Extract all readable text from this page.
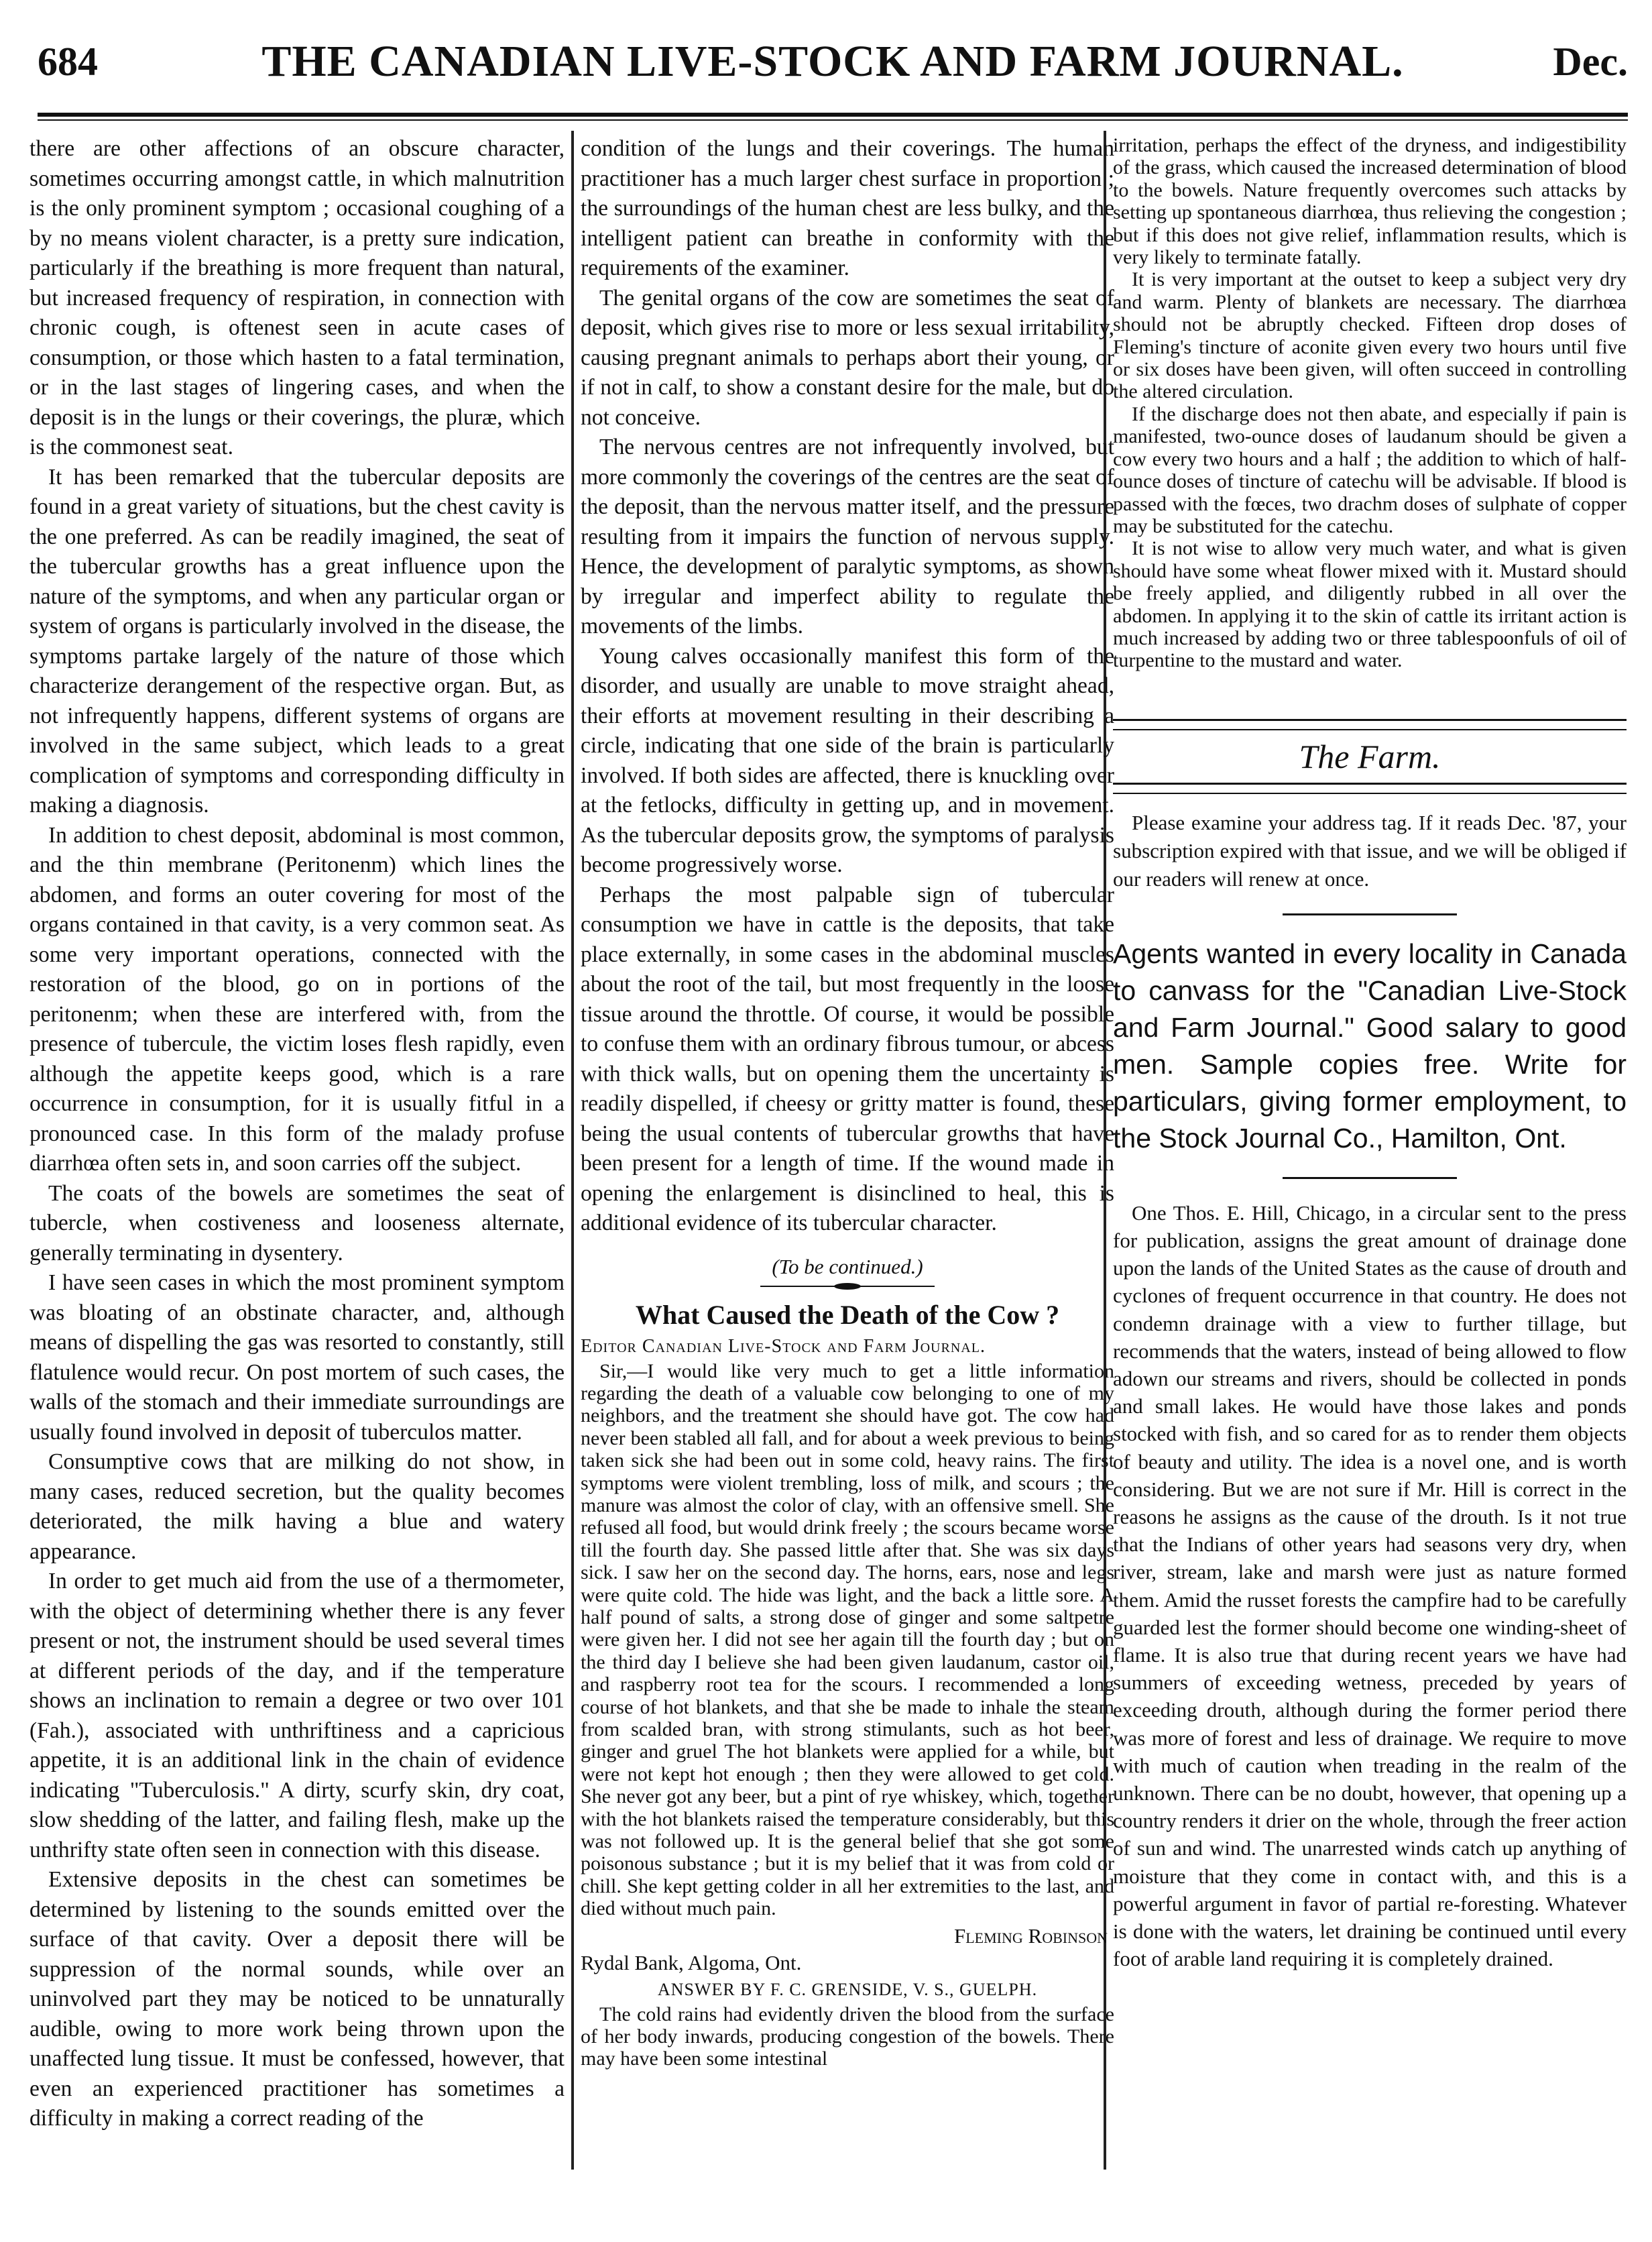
684	THE CANADIAN LIVE-STOCK AND FARM JOURNAL.	Dec.

there are other affections of an obscure character, sometimes occurring amongst cattle, in which malnutrition is the only prominent symptom ; occasional coughing of a by no means violent character, is a pretty sure indication, particularly if the breathing is more frequent than natural, but increased frequency of respiration, in connection with chronic cough, is oftenest seen in acute cases of consumption, or those which hasten to a fatal termination, or in the last stages of lingering cases, and when the deposit is in the lungs or their coverings, the pluræ, which is the commonest seat.

It has been remarked that the tubercular deposits are found in a great variety of situations, but the chest cavity is the one preferred. As can be readily imagined, the seat of the tubercular growths has a great influence upon the nature of the symptoms, and when any particular organ or system of organs is particularly involved in the disease, the symptoms partake largely of the nature of those which characterize derangement of the respective organ. But, as not infrequently happens, different systems of organs are involved in the same subject, which leads to a great complication of symptoms and corresponding difficulty in making a diagnosis.

In addition to chest deposit, abdominal is most common, and the thin membrane (Peritonenm) which lines the abdomen, and forms an outer covering for most of the organs contained in that cavity, is a very common seat. As some very important operations, connected with the restoration of the blood, go on in portions of the peritonenm; when these are interfered with, from the presence of tubercule, the victim loses flesh rapidly, even although the appetite keeps good, which is a rare occurrence in consumption, for it is usually fitful in a pronounced case. In this form of the malady profuse diarrhœa often sets in, and soon carries off the subject.

The coats of the bowels are sometimes the seat of tubercle, when costiveness and looseness alternate, generally terminating in dysentery.

I have seen cases in which the most prominent symptom was bloating of an obstinate character, and, although means of dispelling the gas was resorted to constantly, still flatulence would recur. On post mortem of such cases, the walls of the stomach and their immediate surroundings are usually found involved in deposit of tuberculos matter.

Consumptive cows that are milking do not show, in many cases, reduced secretion, but the quality becomes deteriorated, the milk having a blue and watery appearance.

In order to get much aid from the use of a thermometer, with the object of determining whether there is any fever present or not, the instrument should be used several times at different periods of the day, and if the temperature shows an inclination to remain a degree or two over 101 (Fah.), associated with unthriftiness and a capricious appetite, it is an additional link in the chain of evidence indicating "Tuberculosis." A dirty, scurfy skin, dry coat, slow shedding of the latter, and failing flesh, make up the unthrifty state often seen in connection with this disease.

Extensive deposits in the chest can sometimes be determined by listening to the sounds emitted over the surface of that cavity. Over a deposit there will be suppression of the normal sounds, while over an uninvolved part they may be noticed to be unnaturally audible, owing to more work being thrown upon the unaffected lung tissue. It must be confessed, however, that even an experienced practitioner has sometimes a difficulty in making a correct reading of the

condition of the lungs and their coverings. The human practitioner has a much larger chest surface in proportion ; the surroundings of the human chest are less bulky, and the intelligent patient can breathe in conformity with the requirements of the examiner.

The genital organs of the cow are sometimes the seat of deposit, which gives rise to more or less sexual irritability, causing pregnant animals to perhaps abort their young, or if not in calf, to show a constant desire for the male, but do not conceive.

The nervous centres are not infrequently involved, but more commonly the coverings of the centres are the seat of the deposit, than the nervous matter itself, and the pressure resulting from it impairs the function of nervous supply. Hence, the development of paralytic symptoms, as shown by irregular and imperfect ability to regulate the movements of the limbs.

Young calves occasionally manifest this form of the disorder, and usually are unable to move straight ahead, their efforts at movement resulting in their describing a circle, indicating that one side of the brain is particularly involved. If both sides are affected, there is knuckling over at the fetlocks, difficulty in getting up, and in movement. As the tubercular deposits grow, the symptoms of paralysis become progressively worse.

Perhaps the most palpable sign of tubercular consumption we have in cattle is the deposits, that take place externally, in some cases in the abdominal muscles about the root of the tail, but most frequently in the loose tissue around the throttle. Of course, it would be possible to confuse them with an ordinary fibrous tumour, or abcess with thick walls, but on opening them the uncertainty is readily dispelled, if cheesy or gritty matter is found, these being the usual contents of tubercular growths that have been present for a length of time. If the wound made in opening the enlargement is disinclined to heal, this is additional evidence of its tubercular character.

(To be continued.)
What Caused the Death of the Cow ?
Editor Canadian Live-Stock and Farm Journal.

Sir,—I would like very much to get a little information regarding the death of a valuable cow belonging to one of my neighbors, and the treatment she should have got. The cow had never been stabled all fall, and for about a week previous to being taken sick she had been out in some cold, heavy rains. The first symptoms were violent trembling, loss of milk, and scours ; the manure was almost the color of clay, with an offensive smell. She refused all food, but would drink freely ; the scours became worse till the fourth day. She passed little after that. She was six days sick. I saw her on the second day. The horns, ears, nose and legs were quite cold. The hide was light, and the back a little sore. A half pound of salts, a strong dose of ginger and some saltpetre were given her. I did not see her again till the fourth day ; but on the third day I believe she had been given laudanum, castor oil, and raspberry root tea for the scours. I recommended a long course of hot blankets, and that she be made to inhale the steam from scalded bran, with strong stimulants, such as hot beer, ginger and gruel The hot blankets were applied for a while, but were not kept hot enough ; then they were allowed to get cold. She never got any beer, but a pint of rye whiskey, which, together with the hot blankets raised the temperature considerably, but this was not followed up. It is the general belief that she got some poisonous substance ; but it is my belief that it was from cold or chill. She kept getting colder in all her extremities to the last, and died without much pain.

Fleming Robinson
Rydal Bank, Algoma, Ont.
ANSWER BY F. C. GRENSIDE, V. S., GUELPH.

The cold rains had evidently driven the blood from the surface of her body inwards, producing congestion of the bowels. There may have been some intestinal

irritation, perhaps the effect of the dryness, and indigestibility of the grass, which caused the increased determination of blood to the bowels. Nature frequently overcomes such attacks by setting up spontaneous diarrhœa, thus relieving the congestion ; but if this does not give relief, inflammation results, which is very likely to terminate fatally.

It is very important at the outset to keep a subject very dry and warm. Plenty of blankets are necessary. The diarrhœa should not be abruptly checked. Fifteen drop doses of Fleming's tincture of aconite given every two hours until five or six doses have been given, will often succeed in controlling the altered circulation.

If the discharge does not then abate, and especially if pain is manifested, two-ounce doses of laudanum should be given a cow every two hours and a half ; the addition to which of half-ounce doses of tincture of catechu will be advisable. If blood is passed with the fœces, two drachm doses of sulphate of copper may be substituted for the catechu.

It is not wise to allow very much water, and what is given should have some wheat flower mixed with it. Mustard should be freely applied, and diligently rubbed in all over the abdomen. In applying it to the skin of cattle its irritant action is much increased by adding two or three tablespoonfuls of oil of turpentine to the mustard and water.

The Farm.

Please examine your address tag. If it reads Dec. '87, your subscription expired with that issue, and we will be obliged if our readers will renew at once.

Agents wanted in every locality in Canada to canvass for the "Canadian Live-Stock and Farm Journal." Good salary to good men. Sample copies free. Write for particulars, giving former employment, to the Stock Journal Co., Hamilton, Ont.

One Thos. E. Hill, Chicago, in a circular sent to the press for publication, assigns the great amount of drainage done upon the lands of the United States as the cause of drouth and cyclones of frequent occurrence in that country. He does not condemn drainage with a view to further tillage, but recommends that the waters, instead of being allowed to flow adown our streams and rivers, should be collected in ponds and small lakes. He would have those lakes and ponds stocked with fish, and so cared for as to render them objects of beauty and utility. The idea is a novel one, and is worth considering. But we are not sure if Mr. Hill is correct in the reasons he assigns as the cause of the drouth. Is it not true that the Indians of other years had seasons very dry, when river, stream, lake and marsh were just as nature formed them. Amid the russet forests the campfire had to be carefully guarded lest the former should become one winding-sheet of flame. It is also true that during recent years we have had summers of exceeding wetness, preceded by years of exceeding drouth, although during the former period there was more of forest and less of drainage. We require to move with much of caution when treading in the realm of the unknown. There can be no doubt, however, that opening up a country renders it drier on the whole, through the freer action of sun and wind. The unarrested winds catch up anything of moisture that they come in contact with, and this is a powerful argument in favor of partial re-foresting. Whatever is done with the waters, let draining be continued until every foot of arable land requiring it is completely drained.
